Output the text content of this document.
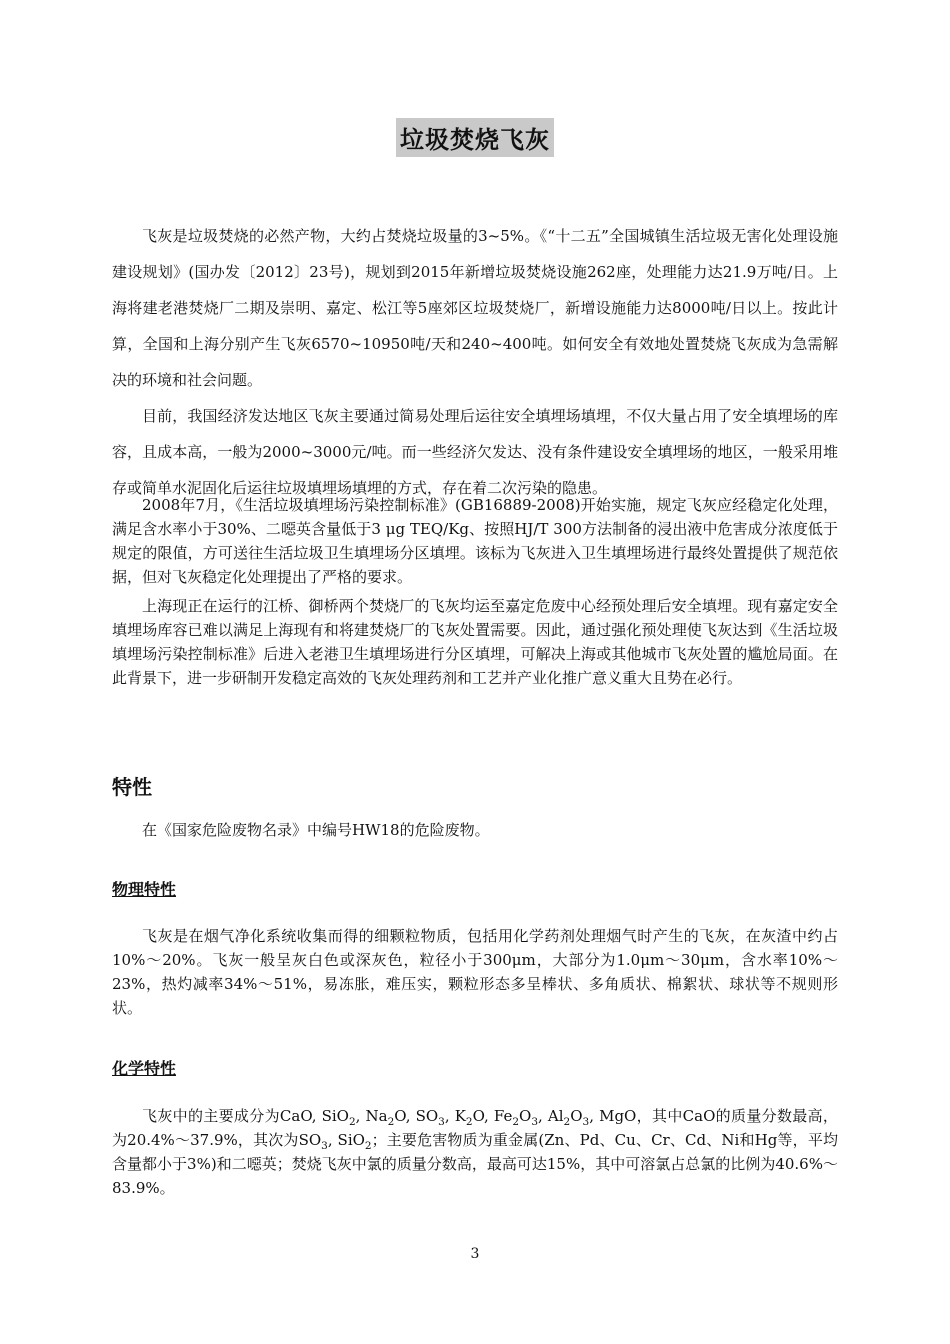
垃圾焚烧飞灰

飞灰是垃圾焚烧的必然产物，大约占焚烧垃圾量的3~5%。《“十二五”全国城镇生活垃圾无害化处理设施建设规划》(国办发〔2012〕23号)，规划到2015年新增垃圾焚烧设施262座，处理能力达21.9万吨/日。上海将建老港焚烧厂二期及崇明、嘉定、松江等5座郊区垃圾焚烧厂，新增设施能力达8000吨/日以上。按此计算，全国和上海分别产生飞灰6570~10950吨/天和240~400吨。如何安全有效地处置焚烧飞灰成为急需解决的环境和社会问题。

目前，我国经济发达地区飞灰主要通过简易处理后运往安全填埋场填埋，不仅大量占用了安全填埋场的库容，且成本高，一般为2000~3000元/吨。而一些经济欠发达、没有条件建设安全填埋场的地区，一般采用堆存或简单水泥固化后运往垃圾填埋场填埋的方式，存在着二次污染的隐患。

2008年7月，《生活垃圾填埋场污染控制标准》(GB16889-2008)开始实施，规定飞灰应经稳定化处理，满足含水率小于30%、二噁英含量低于3 μg TEQ/Kg、按照HJ/T 300方法制备的浸出液中危害成分浓度低于规定的限值，方可送往生活垃圾卫生填埋场分区填埋。该标为飞灰进入卫生填埋场进行最终处置提供了规范依据，但对飞灰稳定化处理提出了严格的要求。

上海现正在运行的江桥、御桥两个焚烧厂的飞灰均运至嘉定危废中心经预处理后安全填埋。现有嘉定安全填埋场库容已难以满足上海现有和将建焚烧厂的飞灰处置需要。因此，通过强化预处理使飞灰达到《生活垃圾填埋场污染控制标准》后进入老港卫生填埋场进行分区填埋，可解决上海或其他城市飞灰处置的尴尬局面。在此背景下，进一步研制开发稳定高效的飞灰处理药剂和工艺并产业化推广意义重大且势在必行。

特性

在《国家危险废物名录》中编号HW18的危险废物。

物理特性

飞灰是在烟气净化系统收集而得的细颗粒物质，包括用化学药剂处理烟气时产生的飞灰，在灰渣中约占10%～20%。飞灰一般呈灰白色或深灰色，粒径小于300μm，大部分为1.0μm～30μm，含水率10%～23%，热灼减率34%～51%，易冻胀，难压实，颗粒形态多呈棒状、多角质状、棉絮状、球状等不规则形状。

化学特性

飞灰中的主要成分为CaO, SiO$_2$, $Na_2O$, $SO_3$, $K_2O$, $Fe_2O_3$, $Al_2O_3$, MgO，其中CaO的质量分数最高，为20.4%～37.9%，其次为$SO_3$, SiO$_2$；主要危害物质为重金属(Zn、Pd、Cu、Cr、Cd、Ni和Hg等，平均含量都小于3%)和二噁英；焚烧飞灰中氯的质量分数高，最高可达15%，其中可溶氯占总氯的比例为40.6%～83.9%。

3
